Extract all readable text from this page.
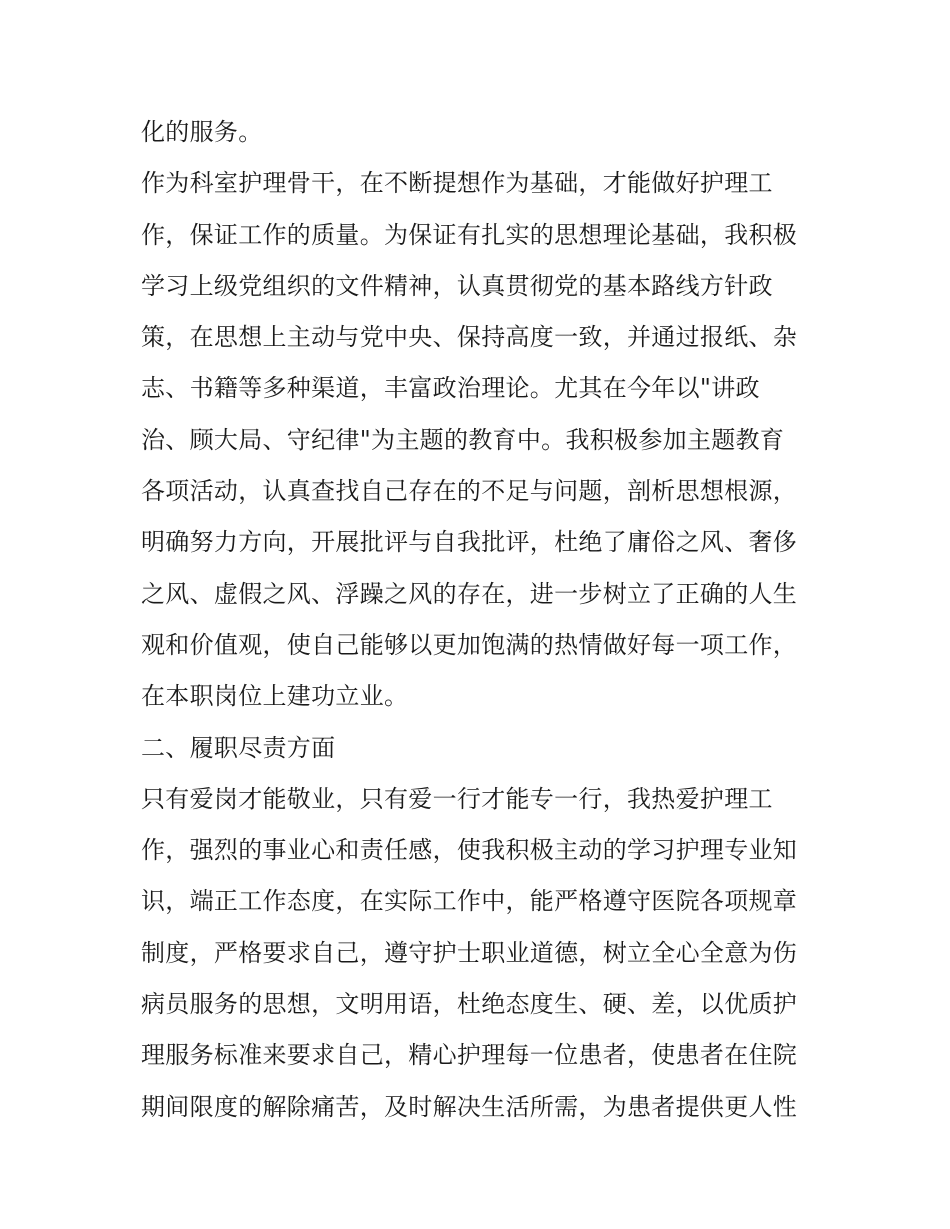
化的服务。
作为科室护理骨干，在不断提想作为基础，才能做好护理工
作，保证工作的质量。为保证有扎实的思想理论基础，我积极
学习上级党组织的文件精神，认真贯彻党的基本路线方针政
策，在思想上主动与党中央、保持高度一致，并通过报纸、杂
志、书籍等多种渠道，丰富政治理论。尤其在今年以"讲政
治、顾大局、守纪律"为主题的教育中。我积极参加主题教育
各项活动，认真查找自己存在的不足与问题，剖析思想根源，
明确努力方向，开展批评与自我批评，杜绝了庸俗之风、奢侈
之风、虚假之风、浮躁之风的存在，进一步树立了正确的人生
观和价值观，使自己能够以更加饱满的热情做好每一项工作，
在本职岗位上建功立业。
二、履职尽责方面
只有爱岗才能敬业，只有爱一行才能专一行，我热爱护理工
作，强烈的事业心和责任感，使我积极主动的学习护理专业知
识，端正工作态度，在实际工作中，能严格遵守医院各项规章
制度，严格要求自己，遵守护士职业道德，树立全心全意为伤
病员服务的思想，文明用语，杜绝态度生、硬、差，以优质护
理服务标准来要求自己，精心护理每一位患者，使患者在住院
期间限度的解除痛苦，及时解决生活所需，为患者提供更人性
